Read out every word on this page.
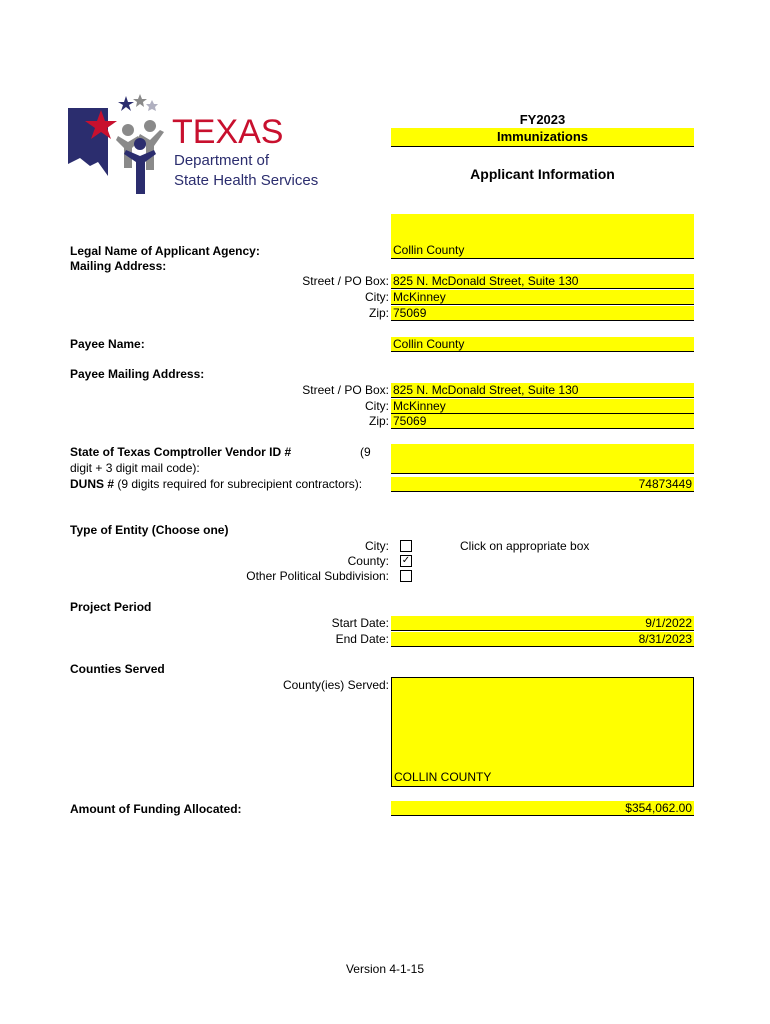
TEXAS
Department of
State Health Services
FY2023
Immunizations
Applicant Information
Legal Name of Applicant Agency:	Collin County
Mailing Address:
Street / PO Box: 825 N. McDonald Street, Suite 130
City: McKinney
Zip: 75069
Payee Name:	Collin County
Payee Mailing Address:
Street / PO Box: 825 N. McDonald Street, Suite 130
City: McKinney
Zip: 75069
State of Texas Comptroller Vendor ID #	(9
digit + 3 digit mail code):
DUNS # (9 digits required for subrecipient contractors):	74873449
Type of Entity (Choose one)
City:
County: ✓
Other Political Subdivision:
Click on appropriate box
Project Period
Start Date:	9/1/2022
End Date:	8/31/2023
Counties Served
County(ies) Served:
COLLIN COUNTY
Amount of Funding Allocated:	$354,062.00
Version 4-1-15
